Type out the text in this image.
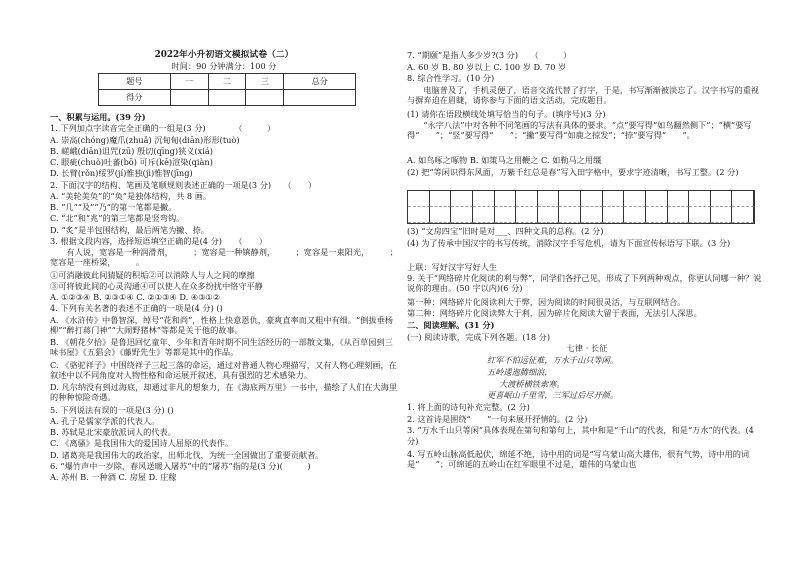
2022年小升初语文模拟试卷（二）
时间：90 分钟满分：100 分
题号	一	二	三	总分
得分				
一、积累与运用。(39 分)
1. 下列加点字读音完全正确的一组是(3 分)　　　　（　　　）
A. 崇高(chóng)魔爪(zhuǎ) 沉甸甸(diān)形形(tuò)
B. 嵯峨(diān)诅咒(zū) 殷切(qīng)狭义(xiá)
C. 眼疵(chuò)吐蕃(bō) 可斥(kē)渲染(qiàn)
D. 长臂(rǒn)绥罗(jí)惟独(jì)惟智(jīng)
2. 下面汉字的结构、笔画及笔顺规则表述正确的一项是(3 分)　　（　　）
A. “美轮美奂”的“奂”是独体结构，共 8 画。
B. “几”“及”“乃”的第一笔都是撇。
C. “北”和“兆”的第三笔都是竖弯钩。
D. “炙”是半包围结构，最后两笔为撇、捺。
3. 根据文段内容，选择短语填空正确的是(4 分)　　（　　）
　　有人说，宽容是一种润滑剂，　　　；宽容是一种镇静剂，　　　；宽容是一束阳光，　　　；宽容是一座桥梁，　　　。
①可消融彼此间猜疑的积垢②可以消除人与人之间的摩擦
③可将彼此间的心灵沟通④可以使人在众多纷扰中恪守平静
A. ①②③④ B. ②③①④ C. ②①③④ D. ④③①②
4. 下列有关名著的表述不正确的一项是(4 分) ()
A. 《水浒传》中鲁智深，绰号“花和尚”，性格上快意恩仇，豪爽直率而又粗中有细。“倒拔垂杨柳”“醉打蒋门神”“大闹野猪林”等都是关于他的故事。
B. 《朝花夕拾》是鲁迅回忆童年、少年和青年时期不同生活经历的一部散文集，《从百草园到三味书屋》《五猖会》《藤野先生》等都是其中的作品。
C. 《骆驼祥子》中围绕祥子三起三落的命运，通过对普通人物心理描写，又有人物心理刻画，在叙述中以不同角度对人物性格和命运展开叙述，具有强烈的艺术感染力。
D. 凡尔纳没有到过海底，却通过非凡的想象力，在《海底两万里》一书中，描绘了人们在大海里的种种惊险奇遇。
5. 下列说法有误的一项是(3 分) ()
A. 孔子是儒家学派的代表人。
B. 苏轼是北宋豪放派词人的代表。
C. 《离骚》是我国伟大的爱国诗人屈原的代表作。
D. 诸葛亮是我国伟大的政治家，出师北伐，为统一全国做出了重要贡献者。
6. “爆竹声中一岁除，春风送暖入屠苏”中的“屠苏”指的是(3 分)(　　　)
A. 苏州 B. 一种酒 C. 房屋 D. 庄稼
7. “期颐”是指人多少岁?(3 分)　　（　　　）
A. 60 岁 B. 80 岁以上 C. 100 岁 D. 70 岁
8. 综合性学习。(10 分)
　　电脑普及了，手机灵便了，语音交流代替了打字，于是，书写渐渐被淡忘了。汉字书写的重视与摒弃迫在眉睫，请你参与下面的语文活动，完成题目。
(1) 请你在语段横线处填写恰当的句子。(填序号)(3 分)
　　“永字八法”中对各种不同笔画的写法有具体的要求。“点”要写得“如鸟翻然侧下”；“横”要写得“　　”；“竖”要写得“　　”；“撇”要写得“如鹿之掠发”；“捺”要写得“　　”。
A. 如鸟啄之啄物 B. 如策马之用鞭之 C. 如勒马之用缰
(2) 把“等闲识得东风面，万紫千红总是春”写入田字格中，要求字迹清晰，书写工整。(2 分)
(3) “文房四宝”旧时是对___、四种文具的总称。(2 分)
(4) 为了传承中国汉字的书写传统，消除汉字手写危机，请为下面宣传标语写下联。(3 分)
上联：写好汉字写好人生
9. 关于“网络碎片化阅读的利与弊”，同学们各抒己见，形成了下列两种观点，你更认同哪一种？说说你的理由。(50 字以内)(6 分)
第一种：网络碎片化阅读利大于弊，因为阅读的时间很灵活，与互联网结合。
第二种：网络碎片化阅读弊大于利，因为碎片化阅读大留于表面，无法引人深思。
二、阅读理解。(31 分)
(一) 阅读诗歌，完成下列各题。(18 分)
七律 · 长征
红军不怕远征难，万水千山只等闲。
五岭逶迤腾细浪，
大渡桥横铁索寒。
更喜岷山千里雪，三军过后尽开颜。
1. 将上面的诗句补充完整。(2 分)
2. 这首诗是围绕“　　”一句来展开抒情的。(2 分)
3. “万水千山只等闲”具体表现在第句和第句上，其中和是“千山”的代表，和是“万水”的代表。(4 分)
4. 写五岭山脉高低起伏，绵延不绝，诗中用的词是“写乌蒙山高大雄伟，很有气势，诗中用的词是“　　”；可绵延的五岭山在红军眼里不过是，雄伟的乌蒙山也
